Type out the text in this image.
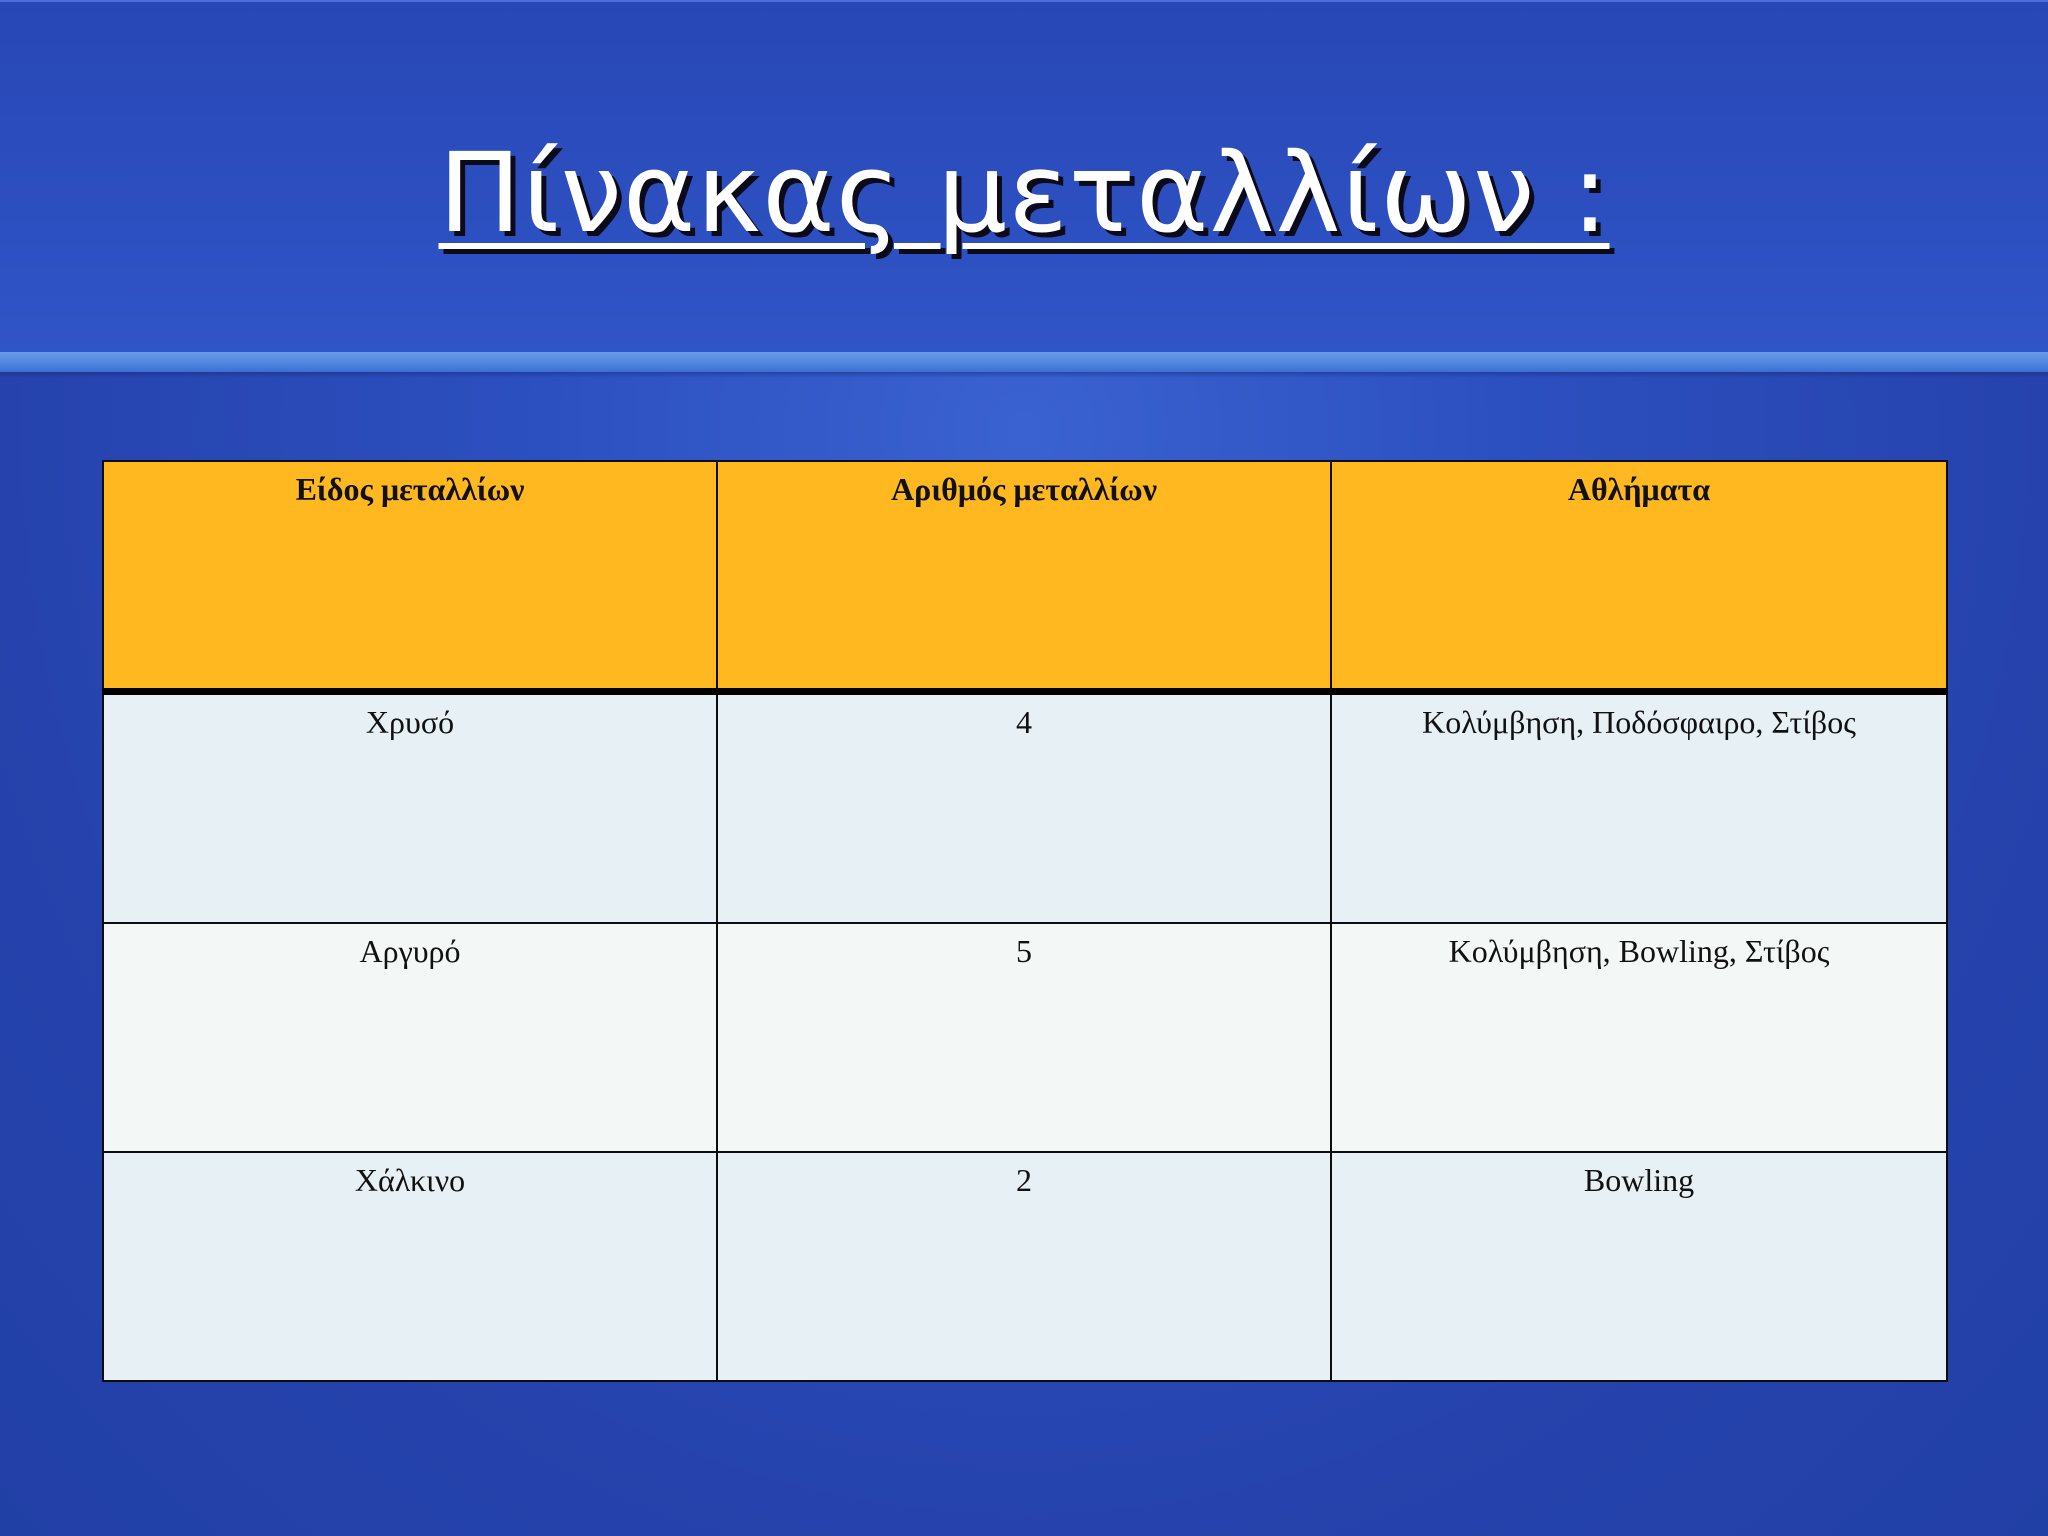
Πίνακας μεταλλίων :
Είδος μεταλλίων	Αριθμός μεταλλίων	Αθλήματα
Χρυσό	4	Κολύμβηση, Ποδόσφαιρο, Στίβος
Αργυρό	5	Κολύμβηση, Bowling, Στίβος
Χάλκινο	2	Bowling
